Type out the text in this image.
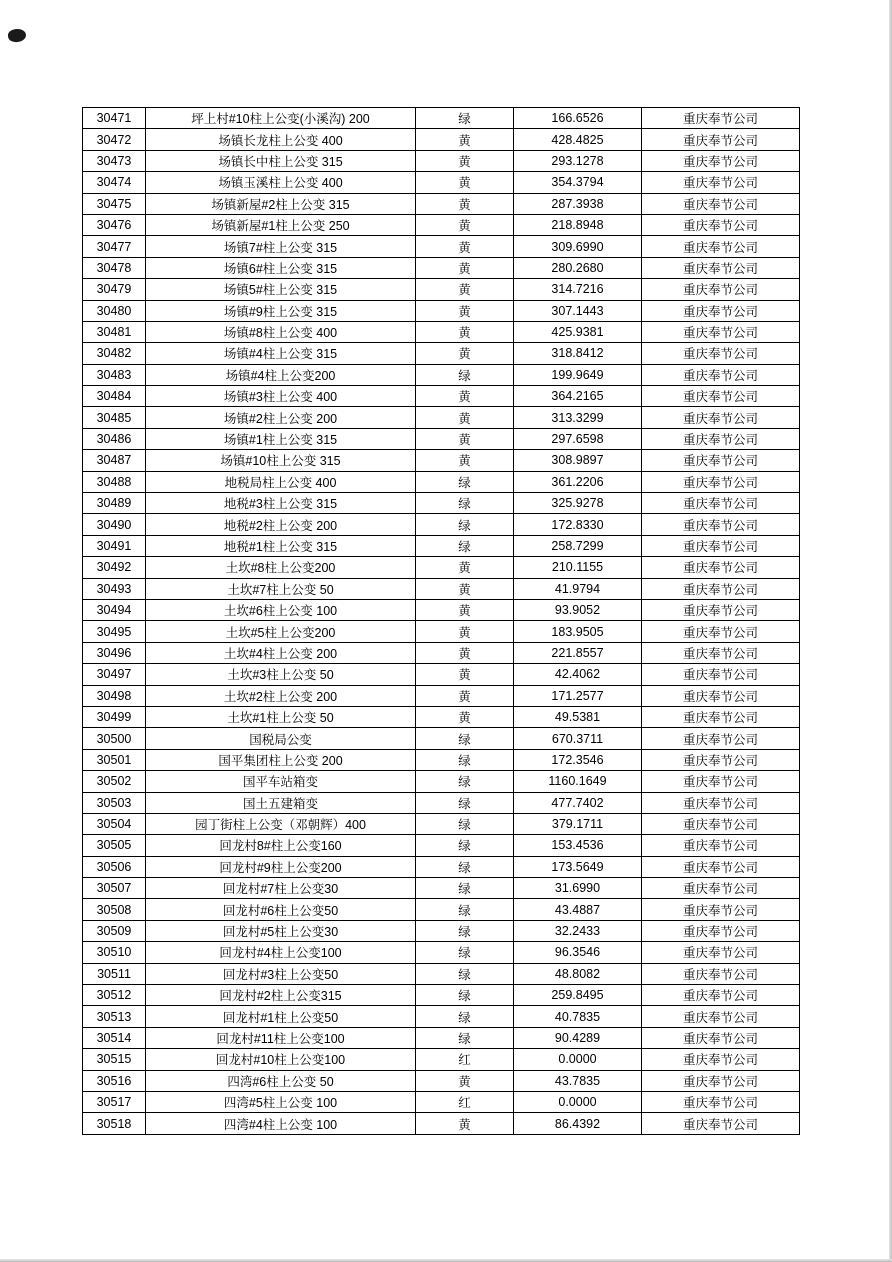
30471	坪上村#10柱上公变(小溪沟) 200	绿	166.6526	重庆奉节公司
30472	场镇长龙柱上公变 400	黄	428.4825	重庆奉节公司
30473	场镇长中柱上公变 315	黄	293.1278	重庆奉节公司
30474	场镇玉溪柱上公变 400	黄	354.3794	重庆奉节公司
30475	场镇新屋#2柱上公变 315	黄	287.3938	重庆奉节公司
30476	场镇新屋#1柱上公变 250	黄	218.8948	重庆奉节公司
30477	场镇7#柱上公变 315	黄	309.6990	重庆奉节公司
30478	场镇6#柱上公变 315	黄	280.2680	重庆奉节公司
30479	场镇5#柱上公变 315	黄	314.7216	重庆奉节公司
30480	场镇#9柱上公变 315	黄	307.1443	重庆奉节公司
30481	场镇#8柱上公变 400	黄	425.9381	重庆奉节公司
30482	场镇#4柱上公变 315	黄	318.8412	重庆奉节公司
30483	场镇#4柱上公变200	绿	199.9649	重庆奉节公司
30484	场镇#3柱上公变 400	黄	364.2165	重庆奉节公司
30485	场镇#2柱上公变 200	黄	313.3299	重庆奉节公司
30486	场镇#1柱上公变 315	黄	297.6598	重庆奉节公司
30487	场镇#10柱上公变 315	黄	308.9897	重庆奉节公司
30488	地税局柱上公变 400	绿	361.2206	重庆奉节公司
30489	地税#3柱上公变 315	绿	325.9278	重庆奉节公司
30490	地税#2柱上公变 200	绿	172.8330	重庆奉节公司
30491	地税#1柱上公变 315	绿	258.7299	重庆奉节公司
30492	土坎#8柱上公变200	黄	210.1155	重庆奉节公司
30493	土坎#7柱上公变 50	黄	41.9794	重庆奉节公司
30494	土坎#6柱上公变 100	黄	93.9052	重庆奉节公司
30495	土坎#5柱上公变200	黄	183.9505	重庆奉节公司
30496	土坎#4柱上公变 200	黄	221.8557	重庆奉节公司
30497	土坎#3柱上公变 50	黄	42.4062	重庆奉节公司
30498	土坎#2柱上公变 200	黄	171.2577	重庆奉节公司
30499	土坎#1柱上公变 50	黄	49.5381	重庆奉节公司
30500	国税局公变	绿	670.3711	重庆奉节公司
30501	国平集团柱上公变 200	绿	172.3546	重庆奉节公司
30502	国平车站箱变	绿	1160.1649	重庆奉节公司
30503	国土五建箱变	绿	477.7402	重庆奉节公司
30504	园丁街柱上公变（邓朝辉）400	绿	379.1711	重庆奉节公司
30505	回龙村8#柱上公变160	绿	153.4536	重庆奉节公司
30506	回龙村#9柱上公变200	绿	173.5649	重庆奉节公司
30507	回龙村#7柱上公变30	绿	31.6990	重庆奉节公司
30508	回龙村#6柱上公变50	绿	43.4887	重庆奉节公司
30509	回龙村#5柱上公变30	绿	32.2433	重庆奉节公司
30510	回龙村#4柱上公变100	绿	96.3546	重庆奉节公司
30511	回龙村#3柱上公变50	绿	48.8082	重庆奉节公司
30512	回龙村#2柱上公变315	绿	259.8495	重庆奉节公司
30513	回龙村#1柱上公变50	绿	40.7835	重庆奉节公司
30514	回龙村#11柱上公变100	绿	90.4289	重庆奉节公司
30515	回龙村#10柱上公变100	红	0.0000	重庆奉节公司
30516	四湾#6柱上公变 50	黄	43.7835	重庆奉节公司
30517	四湾#5柱上公变 100	红	0.0000	重庆奉节公司
30518	四湾#4柱上公变 100	黄	86.4392	重庆奉节公司
